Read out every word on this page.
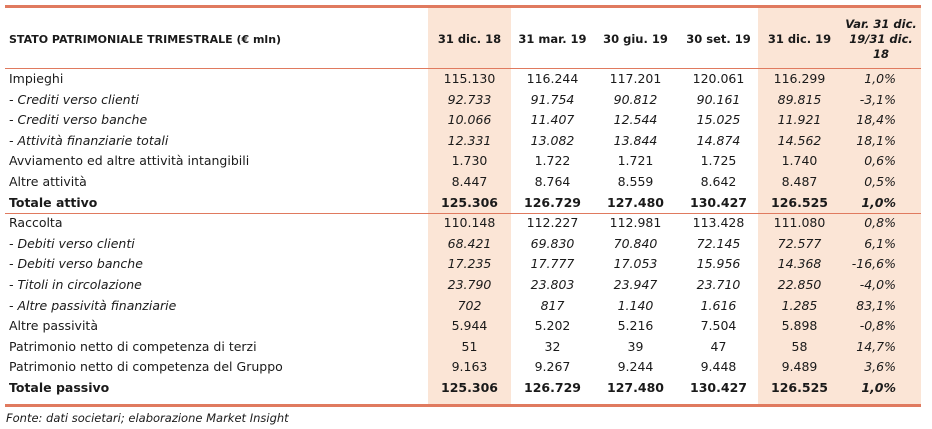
STATO PATRIMONIALE TRIMESTRALE (€ mln)	31 dic. 18	31 mar. 19	30 giu. 19	30 set. 19	31 dic. 19
Var. 31 dic.
19/31 dic.
18
Impieghi	115.130	116.244	117.201	120.061	116.299	1,0%
- Crediti verso clienti	92.733	91.754	90.812	90.161	89.815	-3,1%
- Crediti verso banche	10.066	11.407	12.544	15.025	11.921	18,4%
- Attività finanziarie totali	12.331	13.082	13.844	14.874	14.562	18,1%
Avviamento ed altre attività intangibili	1.730	1.722	1.721	1.725	1.740	0,6%
Altre attività	8.447	8.764	8.559	8.642	8.487	0,5%
Totale attivo	125.306	126.729	127.480	130.427	126.525	1,0%
Raccolta	110.148	112.227	112.981	113.428	111.080	0,8%
- Debiti verso clienti	68.421	69.830	70.840	72.145	72.577	6,1%
- Debiti verso banche	17.235	17.777	17.053	15.956	14.368	-16,6%
- Titoli in circolazione	23.790	23.803	23.947	23.710	22.850	-4,0%
- Altre passività finanziarie	702	817	1.140	1.616	1.285	83,1%
Altre passività	5.944	5.202	5.216	7.504	5.898	-0,8%
Patrimonio netto di competenza di terzi	51	32	39	47	58	14,7%
Patrimonio netto di competenza del Gruppo	9.163	9.267	9.244	9.448	9.489	3,6%
Totale passivo	125.306	126.729	127.480	130.427	126.525	1,0%
Fonte: dati societari; elaborazione Market Insight
